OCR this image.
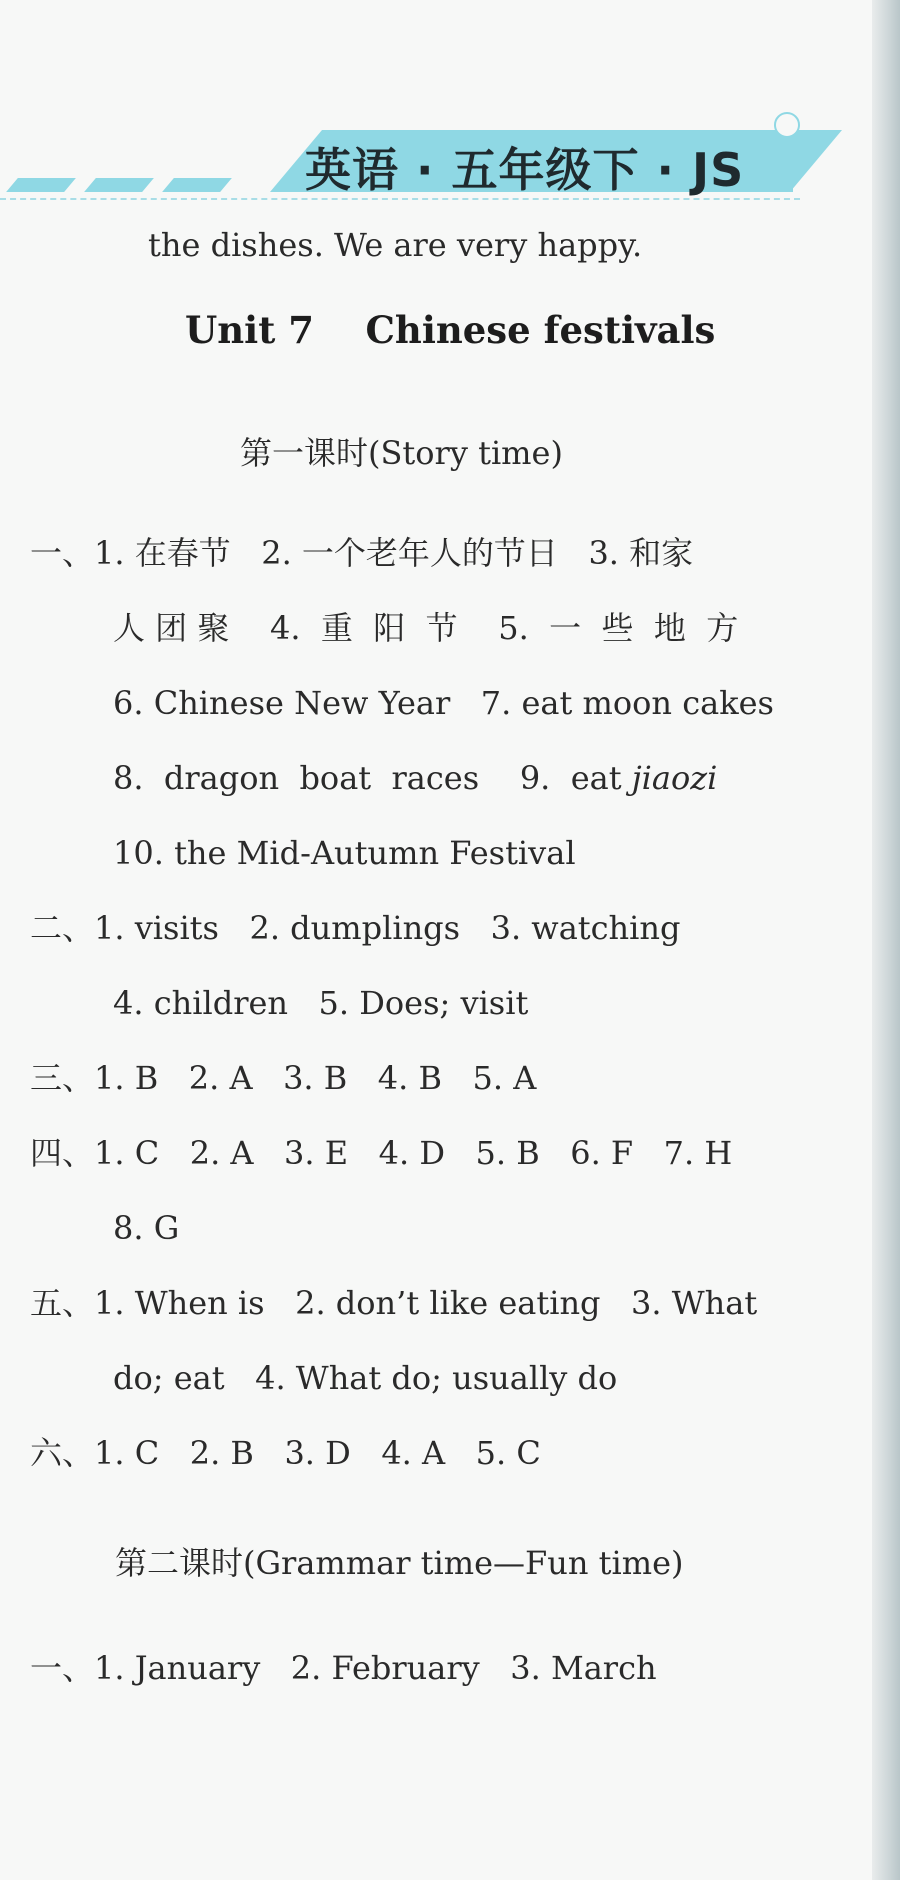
英语 · 五年级下 · JS
the dishes. We are very happy.
Unit 7    Chinese festivals
第一课时(Story time)
一、1. 在春节   2. 一个老年人的节日   3. 和家
人 团 聚    4.  重  阳  节    5.  一  些  地  方
6. Chinese New Year   7. eat moon cakes
8.  dragon  boat  races    9.  eat jiaozi
10. the Mid-Autumn Festival
二、1. visits   2. dumplings   3. watching
4. children   5. Does; visit
三、1. B   2. A   3. B   4. B   5. A
四、1. C   2. A   3. E   4. D   5. B   6. F   7. H
8. G
五、1. When is   2. don’t like eating   3. What
do; eat   4. What do; usually do
六、1. C   2. B   3. D   4. A   5. C
第二课时(Grammar time—Fun time)
一、1. January   2. February   3. March
